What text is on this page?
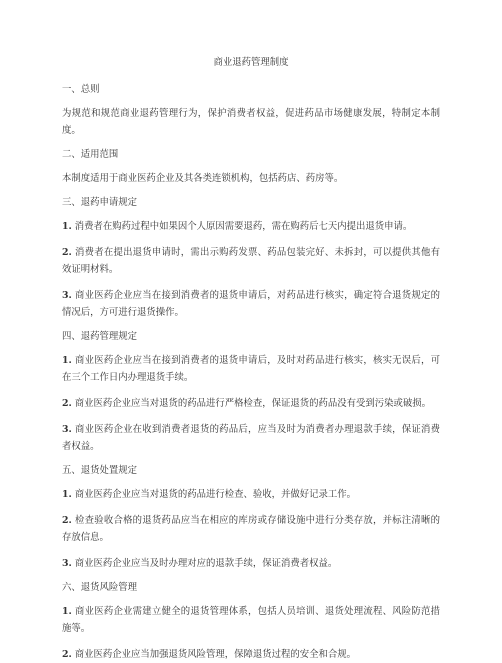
商业退药管理制度
一、总则
为规范和规范商业退药管理行为，保护消费者权益，促进药品市场健康发展，特制定本制度。
二、适用范围
本制度适用于商业医药企业及其各类连锁机构，包括药店、药房等。
三、退药申请规定
1. 消费者在购药过程中如果因个人原因需要退药，需在购药后七天内提出退货申请。
2. 消费者在提出退货申请时，需出示购药发票、药品包装完好、未拆封，可以提供其他有效证明材料。
3. 商业医药企业应当在接到消费者的退货申请后，对药品进行核实，确定符合退货规定的情况后，方可进行退货操作。
四、退药管理规定
1. 商业医药企业应当在接到消费者的退货申请后，及时对药品进行核实，核实无误后，可在三个工作日内办理退货手续。
2. 商业医药企业应当对退货的药品进行严格检查，保证退货的药品没有受到污染或破损。
3. 商业医药企业在收到消费者退货的药品后，应当及时为消费者办理退款手续，保证消费者权益。
五、退货处置规定
1. 商业医药企业应当对退货的药品进行检查、验收，并做好记录工作。
2. 检查验收合格的退货药品应当在相应的库房或存储设施中进行分类存放，并标注清晰的存放信息。
3. 商业医药企业应当及时办理对应的退款手续，保证消费者权益。
六、退货风险管理
1. 商业医药企业需建立健全的退货管理体系，包括人员培训、退货处理流程、风险防范措施等。
2. 商业医药企业应当加强退货风险管理，保障退货过程的安全和合规。
